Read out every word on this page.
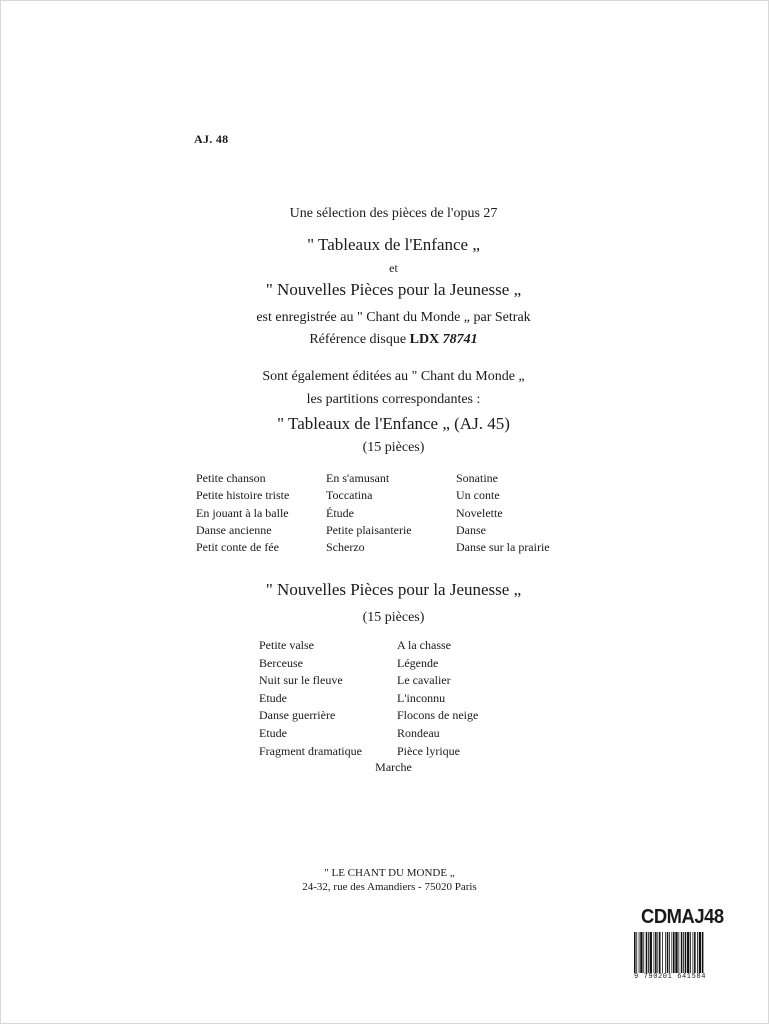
AJ. 48
Une sélection des pièces de l'opus 27
" Tableaux de l'Enfance „
et
" Nouvelles Pièces pour la Jeunesse „
est enregistrée au " Chant du Monde „ par Setrak
Référence disque LDX 78741
Sont également éditées au " Chant du Monde „
les partitions correspondantes :
" Tableaux de l'Enfance „ (AJ. 45)
(15 pièces)
Petite chanson
Petite histoire triste
En jouant à la balle
Danse ancienne
Petit conte de fée
En s'amusant
Toccatina
Étude
Petite plaisanterie
Scherzo
Sonatine
Un conte
Novelette
Danse
Danse sur la prairie
" Nouvelles Pièces pour la Jeunesse „
(15 pièces)
Petite valse
Berceuse
Nuit sur le fleuve
Etude
Danse guerrière
Etude
Fragment dramatique
A la chasse
Légende
Le cavalier
L'inconnu
Flocons de neige
Rondeau
Pièce lyrique
Marche
" LE CHANT DU MONDE „
24-32, rue des Amandiers - 75020 Paris
CDMAJ48
9 790201 641584
